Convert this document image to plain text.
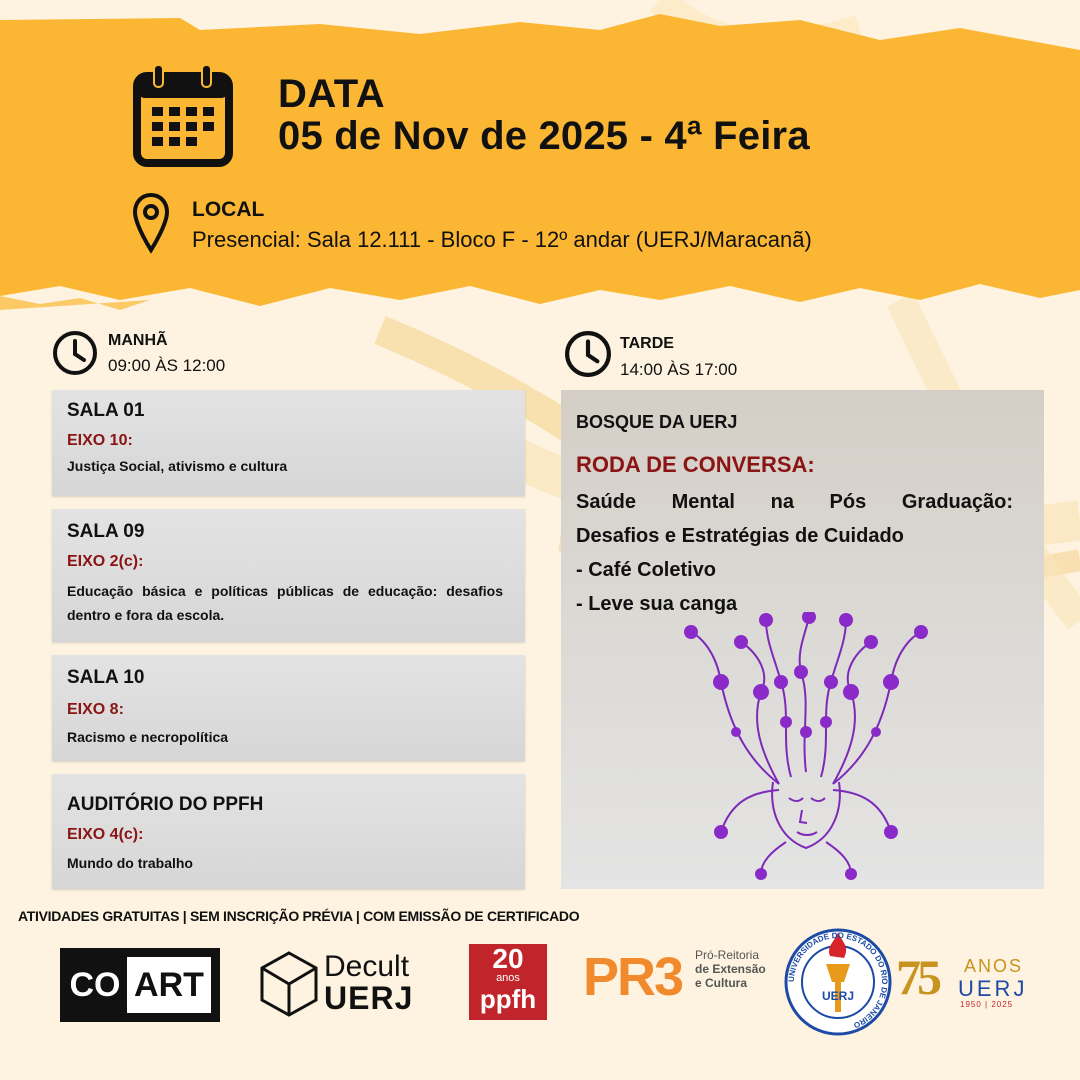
DATA
05 de Nov de 2025 - 4ª Feira
LOCAL
Presencial: Sala 12.111 - Bloco F - 12º andar (UERJ/Maracanã)
MANHÃ
09:00 ÀS 12:00
TARDE
14:00 ÀS 17:00
SALA 01
EIXO 10:
Justiça Social, ativismo e cultura
SALA 09
EIXO 2(c):
Educação básica e políticas públicas de educação: desafios dentro e fora da escola.
SALA 10
EIXO 8:
Racismo e necropolítica
AUDITÓRIO DO PPFH
EIXO 4(c):
Mundo do trabalho
BOSQUE DA UERJ
RODA DE CONVERSA:
Saúde Mental na Pós Graduação:
Desafios e Estratégias de Cuidado
- Café Coletivo
- Leve sua canga
ATIVIDADES GRATUITAS | SEM INSCRIÇÃO PRÉVIA | COM EMISSÃO DE CERTIFICADO
CO ART	Decult
UERJ
20
anos
ppfh PR3 Pró-Reitoria
de Extensão
e Cultura
UERJ
UNIVERSIDADE DO ESTADO DO RIO DE JANEIRO
75 ANOS
UERJ
1950 | 2025
